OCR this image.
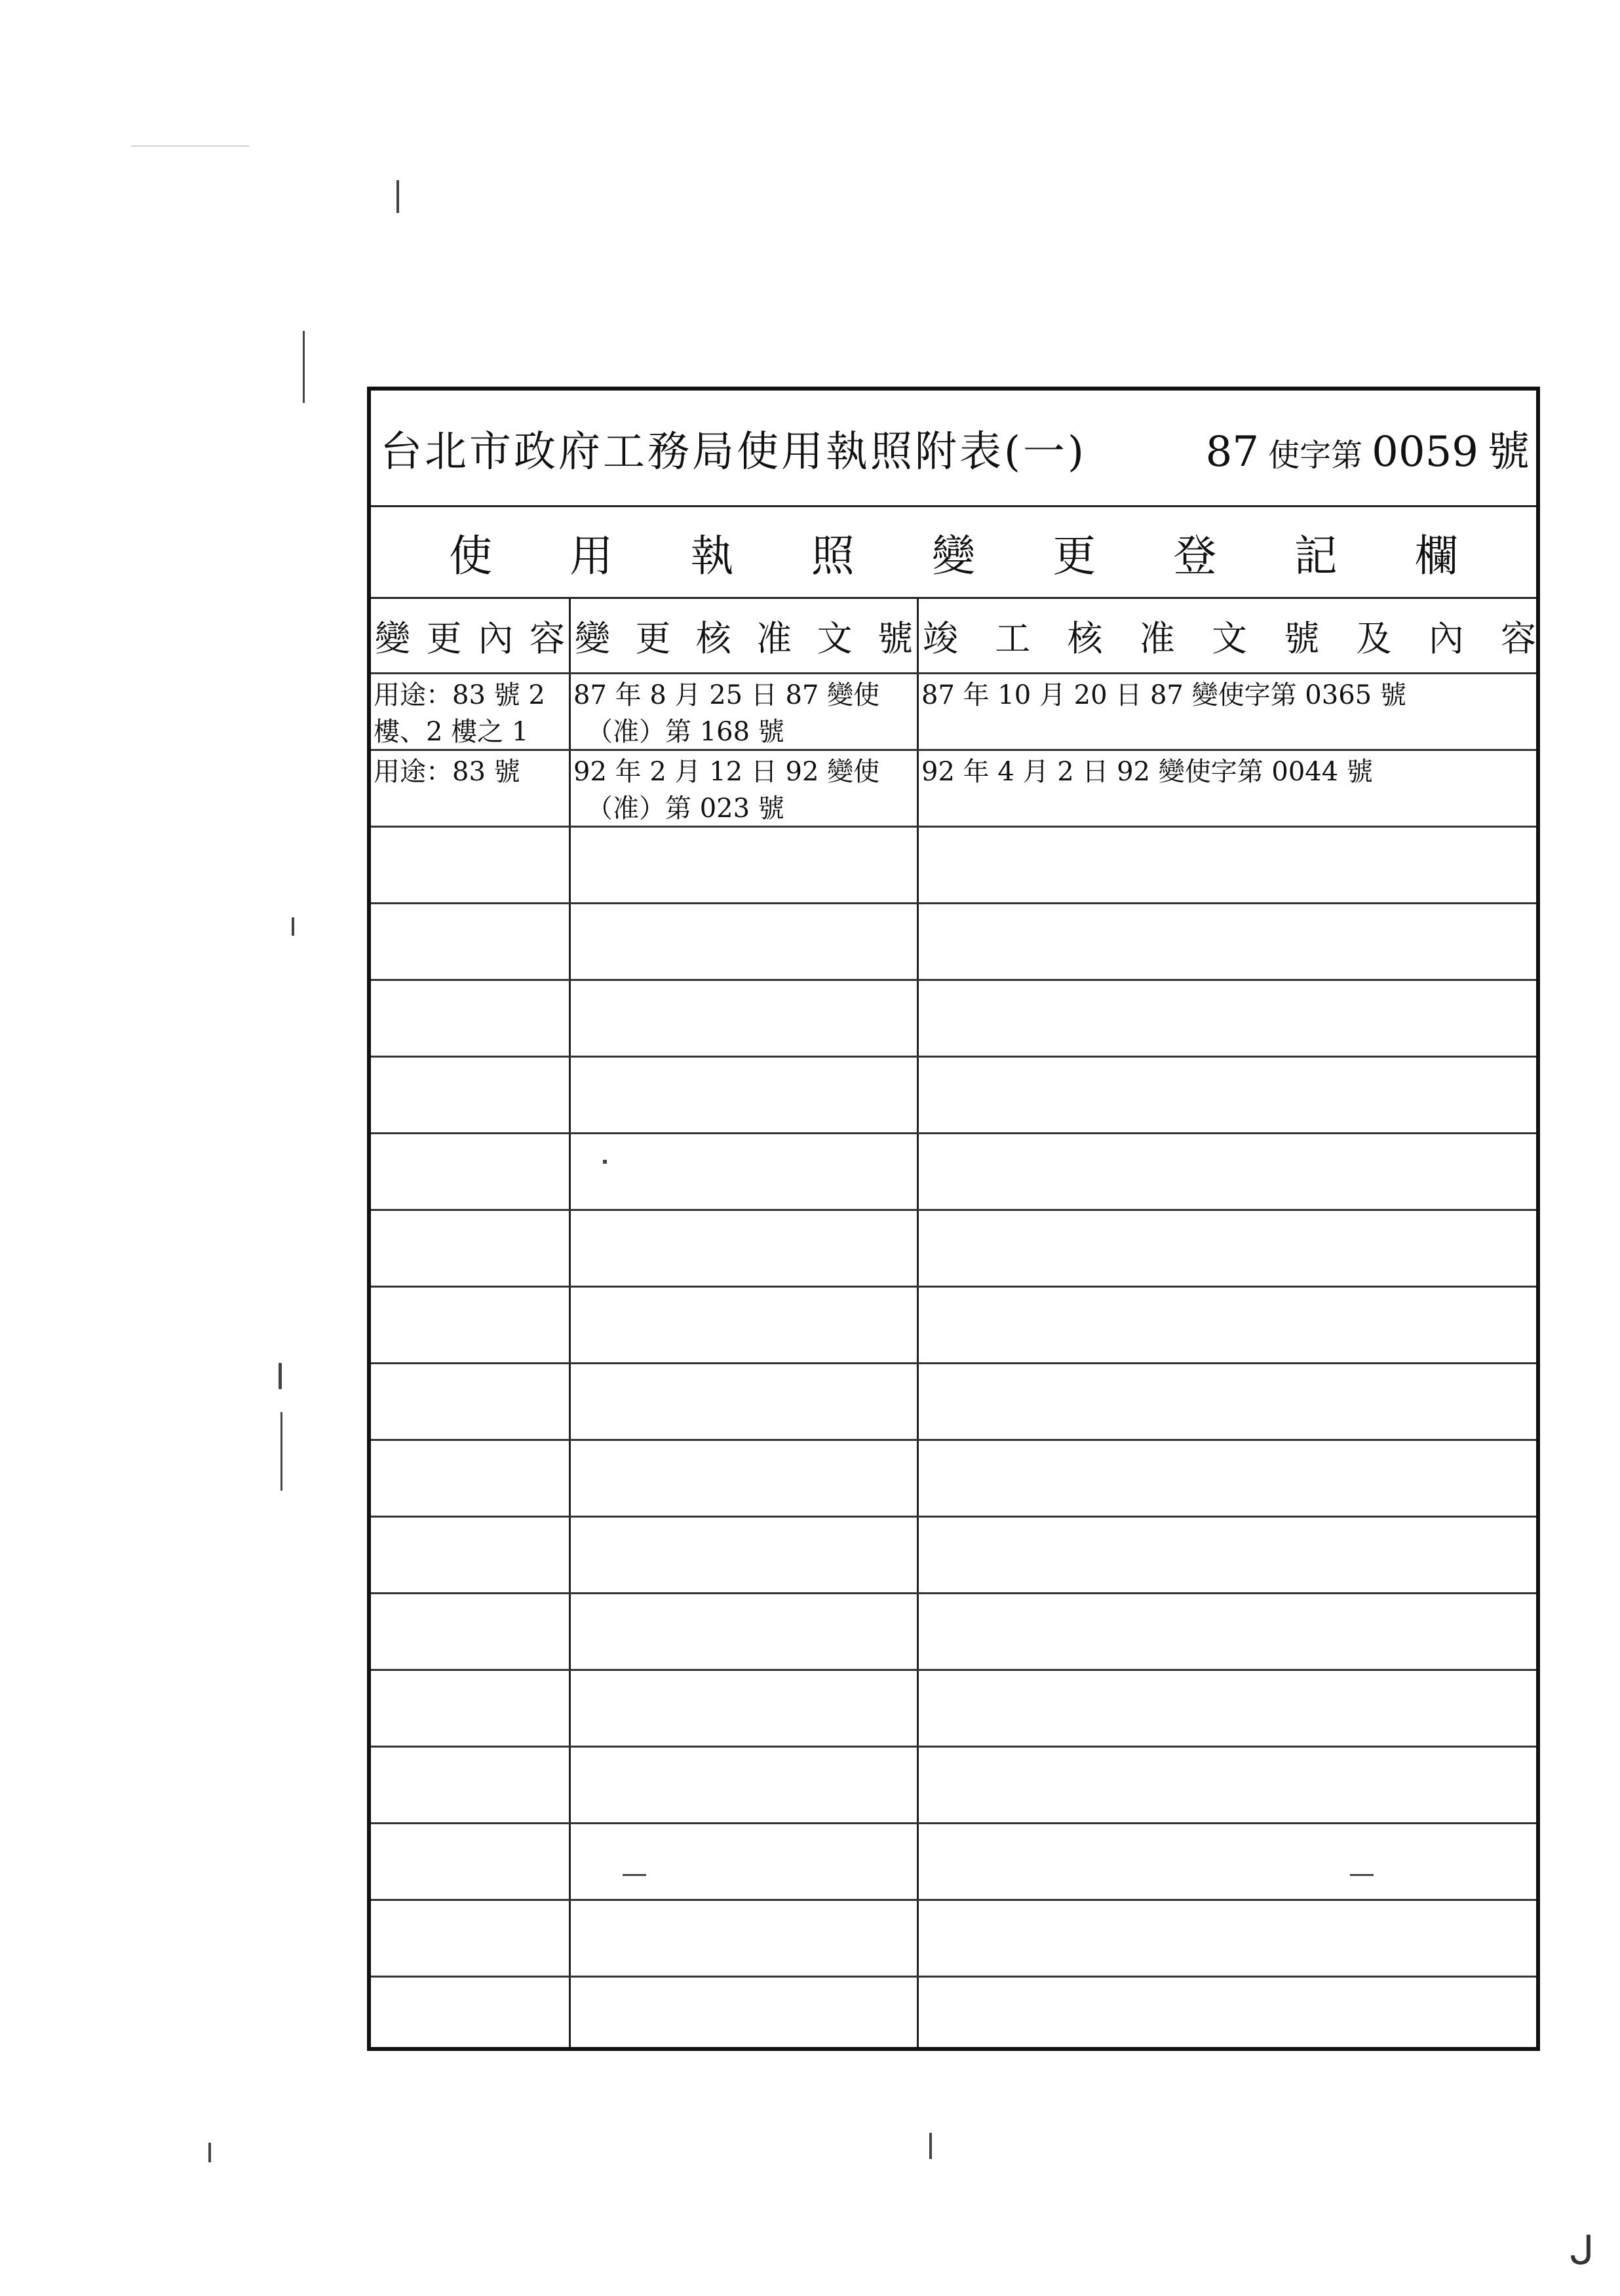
ᒍ
台北市政府工務局使用執照附表(一)	87 使字第 0059 號
使 用 執 照 變 更 登 記 欄
變 更 內 容 變 更 核 准 文 號 竣 工 核 准 文 號 及 內 容
用途：83 號 2
樓、2 樓之 1
87 年 8 月 25 日 87 變使
（准）第 168 號
87 年 10 月 20 日 87 變使字第 0365 號
用途：83 號	92 年 2 月 12 日 92 變使
（准）第 023 號
92 年 4 月 2 日 92 變使字第 0044 號
